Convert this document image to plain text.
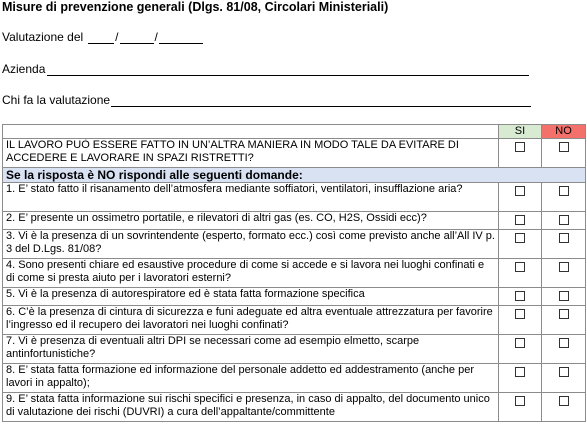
Misure di prevenzione generali (Dlgs. 81/08, Circolari Ministeriali)
Valutazione del	/	/
Azienda
Chi fa la valutazione
	SI	NO
IL LAVORO PUÒ ESSERE FATTO IN UN’ALTRA MANIERA IN MODO TALE DA EVITARE DI ACCEDERE E LAVORARE IN SPAZI RISTRETTI?		
Se la risposta è NO rispondi alle seguenti domande:		
1. E’ stato fatto il risanamento dell’atmosfera mediante soffiatori, ventilatori, insufflazione aria?		
2. E’ presente un ossimetro portatile, e rilevatori di altri gas (es. CO, H2S, Ossidi ecc)?		
3. Vi è la presenza di un sovrintendente (esperto, formato ecc.) così come previsto anche all’All IV p. 3 del D.Lgs. 81/08?		
4. Sono presenti chiare ed esaustive procedure di come si accede e si lavora nei luoghi confinati e di come si presta aiuto per i lavoratori esterni?		
5. Vi è la presenza di autorespiratore ed è stata fatta formazione specifica		
6. C’è la presenza di cintura di sicurezza e funi adeguate ed altra eventuale attrezzatura per favorire l’ingresso ed il recupero dei lavoratori nei luoghi confinati?		
7. Vi è presenza di eventuali altri DPI se necessari come ad esempio elmetto, scarpe antinfortunistiche?		
8. E’ stata fatta formazione ed informazione del personale addetto ed addestramento (anche per lavori in appalto);		
9. E’ stata fatta informazione sui rischi specifici e presenza, in caso di appalto, del documento unico di valutazione dei rischi (DUVRI) a cura dell’appaltante/committente		
